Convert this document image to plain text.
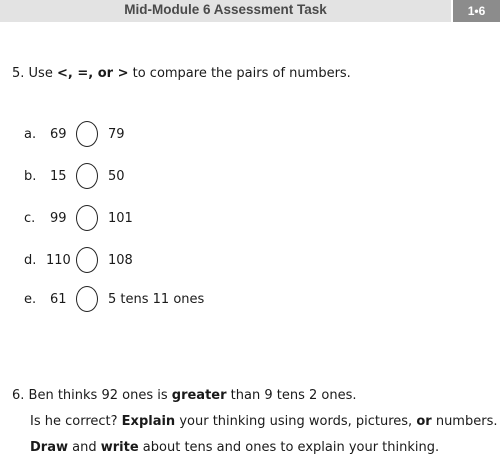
Mid-Module 6 Assessment Task	1•6
5. Use <, =, or > to compare the pairs of numbers.
a. 69	79
b. 15	50
c. 99	101
d. 110	108
e. 61	5 tens 11 ones
6. Ben thinks 92 ones is greater than 9 tens 2 ones.
Is he correct? Explain your thinking using words, pictures, or numbers.
Draw and write about tens and ones to explain your thinking.
